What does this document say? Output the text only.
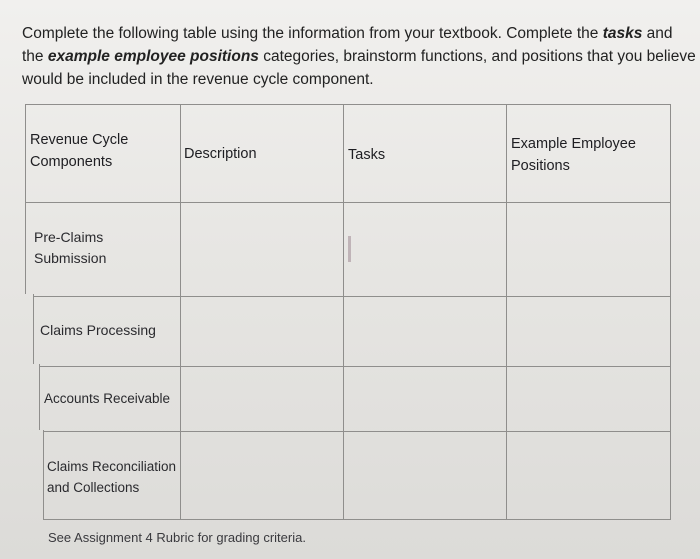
Complete the following table using the information from your textbook. Complete the tasks and the example employee positions categories, brainstorm functions, and positions that you believe would be included in the revenue cycle component.
Revenue Cycle Components	Description	Tasks
Example Employee Positions
Pre-Claims Submission
Claims Processing
Accounts Receivable
Claims Reconciliation and Collections
See Assignment 4 Rubric for grading criteria.
